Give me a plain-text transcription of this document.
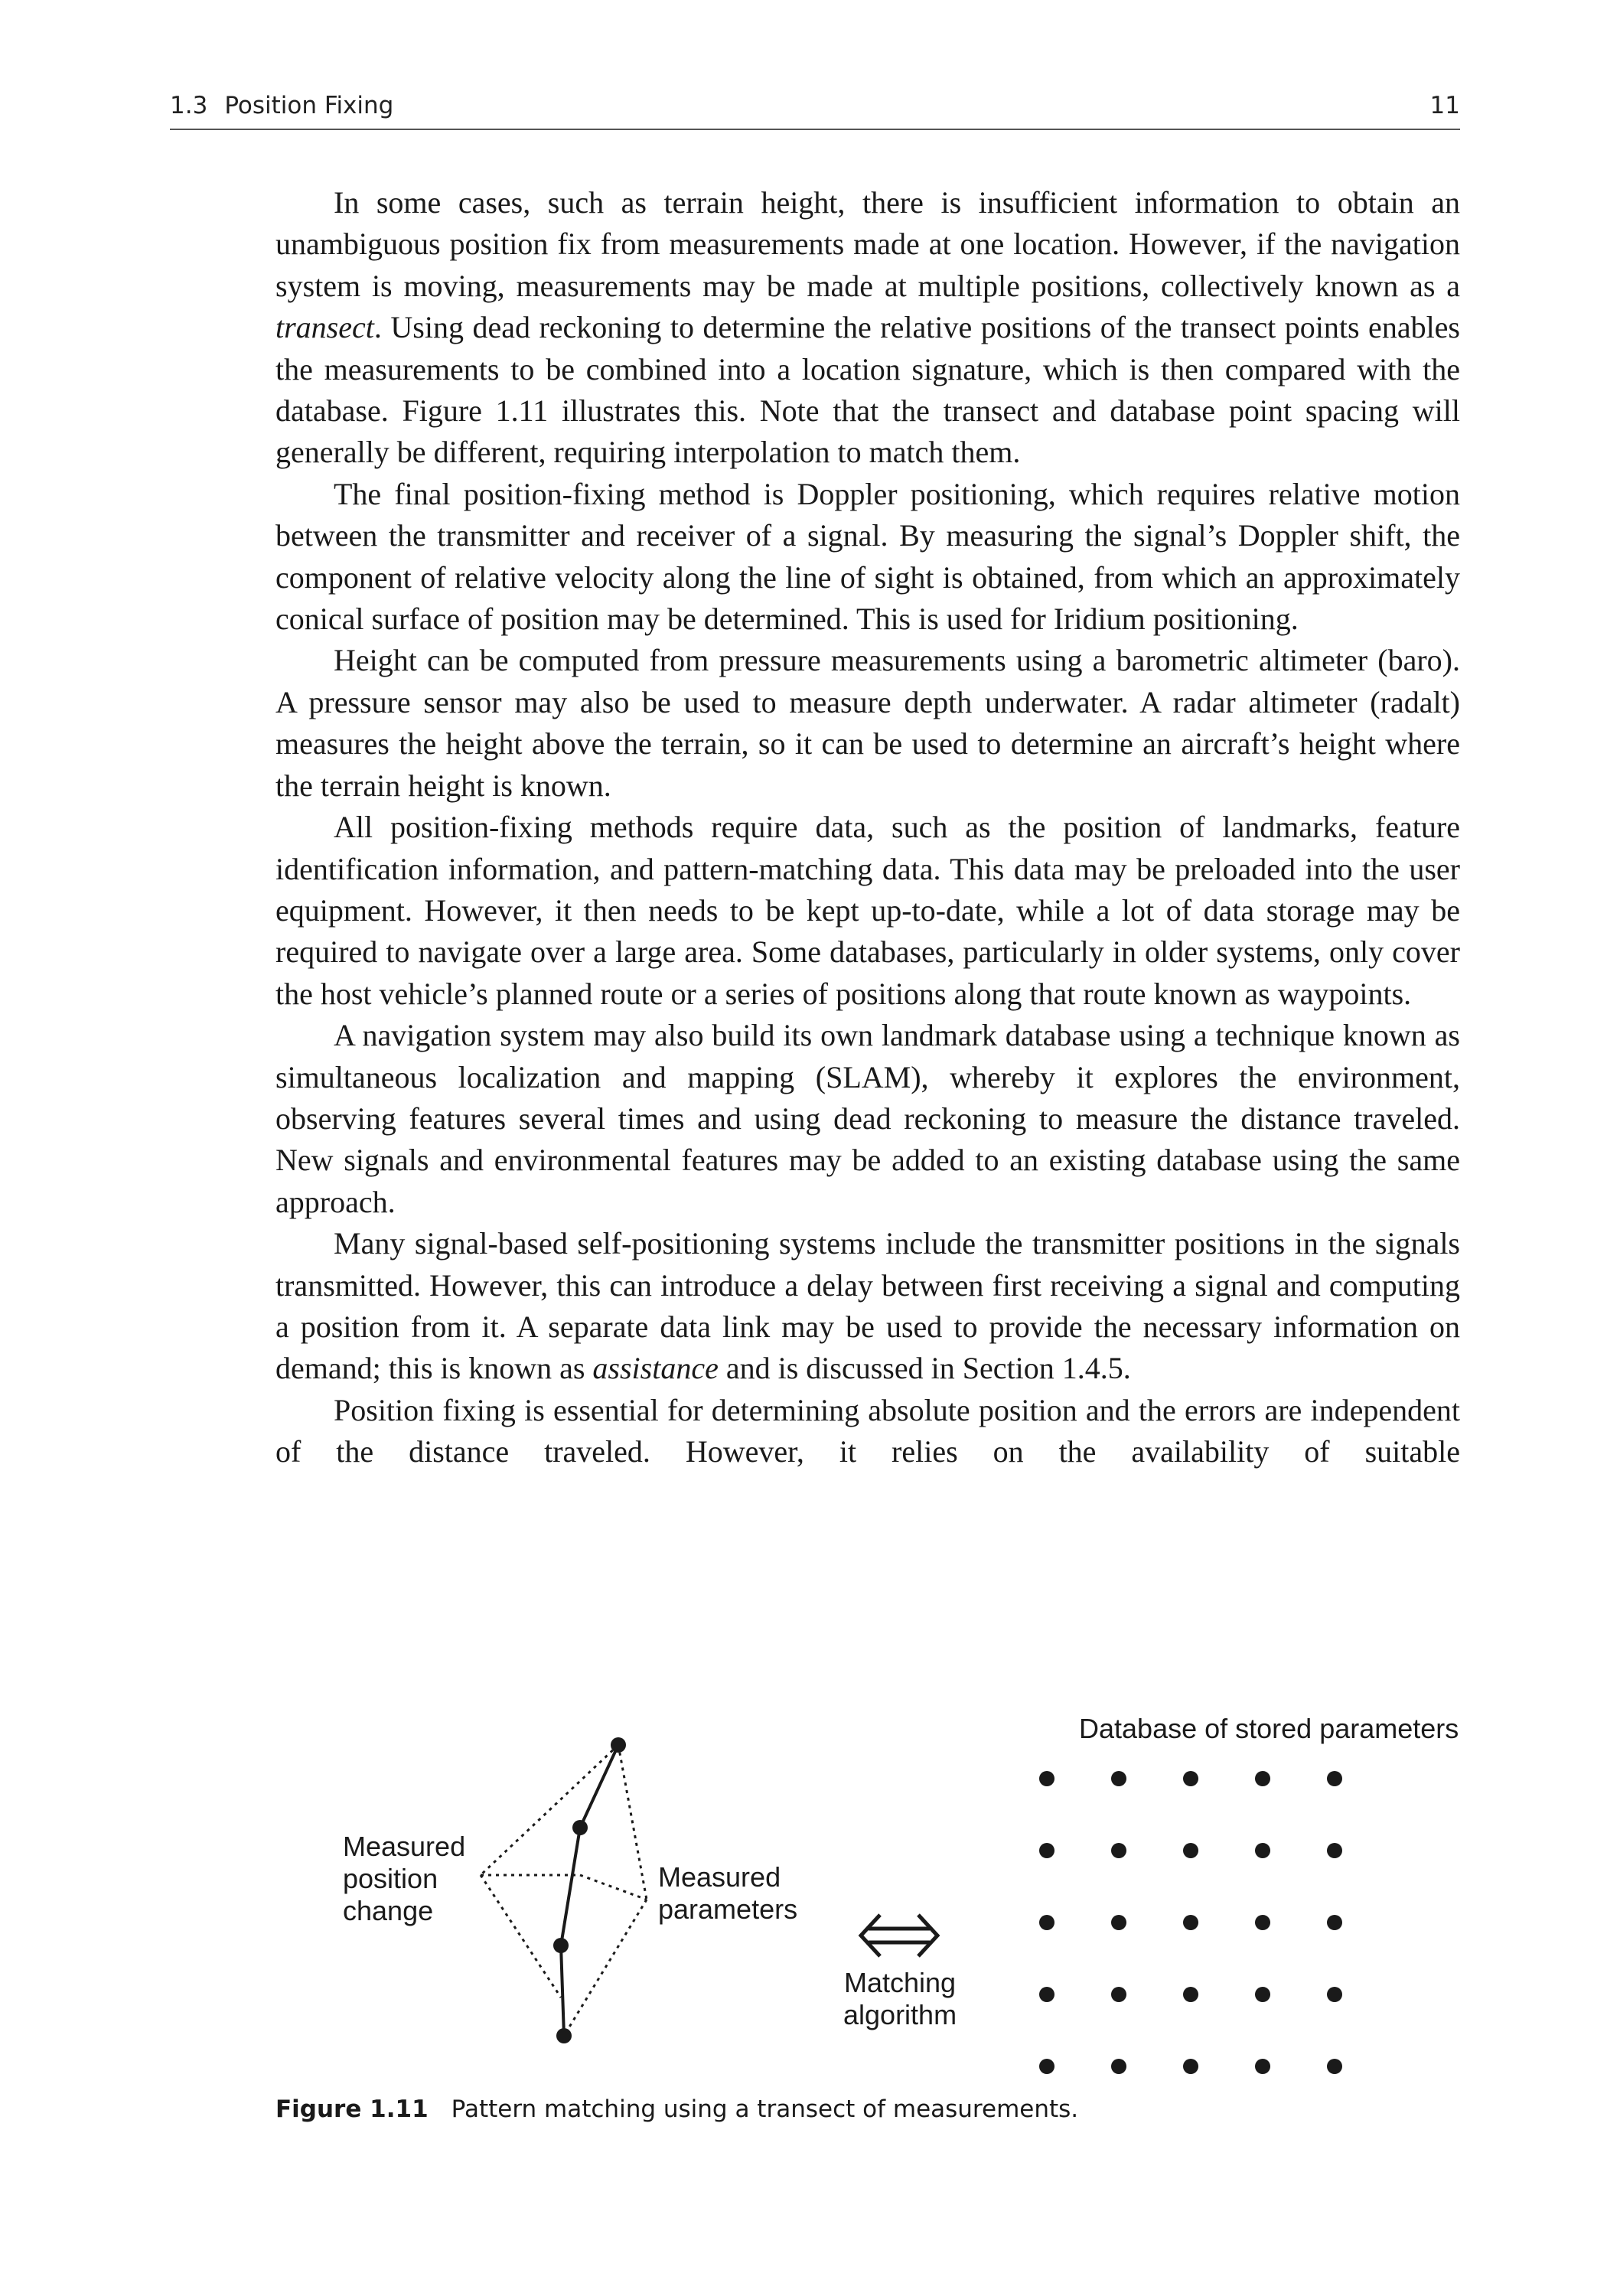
1.3 Position Fixing	11

In some cases, such as terrain height, there is insufficient information to obtain an unambiguous position fix from measurements made at one location. However, if the navigation system is moving, measurements may be made at multiple positions, collectively known as a transect. Using dead reckoning to determine the relative positions of the transect points enables the measurements to be combined into a location signature, which is then compared with the database. Figure 1.11 illustrates this. Note that the transect and database point spacing will generally be different, requiring interpolation to match them.

The final position-fixing method is Doppler positioning, which requires relative motion between the transmitter and receiver of a signal. By measuring the signal’s Doppler shift, the component of relative velocity along the line of sight is obtained, from which an approximately conical surface of position may be determined. This is used for Iridium positioning.

Height can be computed from pressure measurements using a barometric altimeter (baro). A pressure sensor may also be used to measure depth underwater. A radar altimeter (radalt) measures the height above the terrain, so it can be used to determine an aircraft’s height where the terrain height is known.

All position-fixing methods require data, such as the position of landmarks, feature identification information, and pattern-matching data. This data may be preloaded into the user equipment. However, it then needs to be kept up-to-date, while a lot of data storage may be required to navigate over a large area. Some databases, particularly in older systems, only cover the host vehicle’s planned route or a series of positions along that route known as waypoints.

A navigation system may also build its own landmark database using a technique known as simultaneous localization and mapping (SLAM), whereby it explores the environment, observing features several times and using dead reckoning to measure the distance traveled. New signals and environmental features may be added to an existing database using the same approach.

Many signal-based self-positioning systems include the transmitter positions in the signals transmitted. However, this can introduce a delay between first receiving a signal and computing a position from it. A separate data link may be used to provide the necessary information on demand; this is known as assistance and is discussed in Section 1.4.5.

Position fixing is essential for determining absolute position and the errors are independent of the distance traveled. However, it relies on the availability of suitable

Database of stored parameters
Measured
position
change
Measured
parameters
Matching
algorithm
Figure 1.11 Pattern matching using a transect of measurements.
